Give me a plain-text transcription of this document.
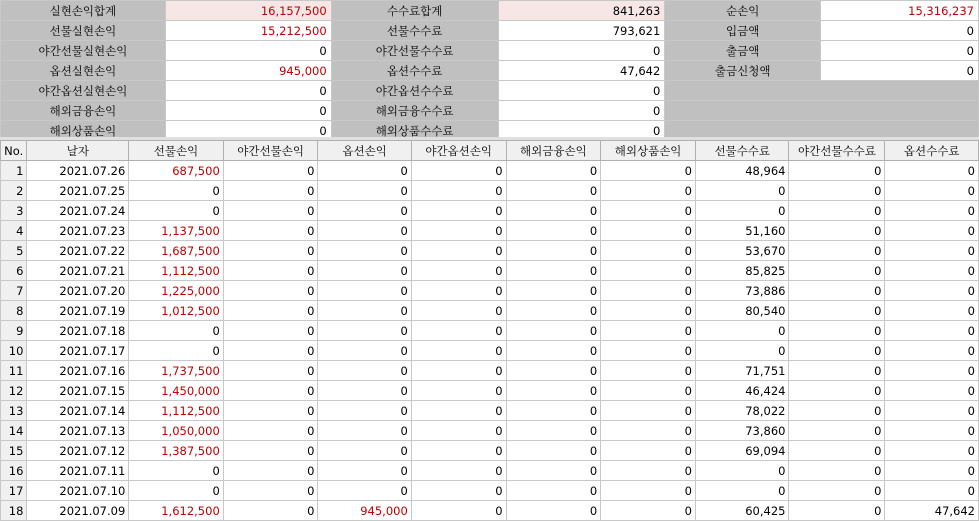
실현손익합계	16,157,500	수수료합계	841,263	순손익	15,316,237
선물실현손익	15,212,500	선물수수료	793,621	입금액	0
야간선물실현손익	0	야간선물수수료	0	출금액	0
옵션실현손익	945,000	옵션수수료	47,642	출금신청액	0
야간옵션실현손익	0	야간옵션수수료	0		
해외금융손익	0	해외금융수수료	0		
해외상품손익	0	해외상품수수료	0		
No.	날자	선물손익	야간선물손익	옵션손익	야간옵션손익	해외금융손익	해외상품손익	선물수수료	야간선물수수료	옵션수수료
1	2021.07.26	687,500	0	0	0	0	0	48,964	0	0
2	2021.07.25	0	0	0	0	0	0	0	0	0
3	2021.07.24	0	0	0	0	0	0	0	0	0
4	2021.07.23	1,137,500	0	0	0	0	0	51,160	0	0
5	2021.07.22	1,687,500	0	0	0	0	0	53,670	0	0
6	2021.07.21	1,112,500	0	0	0	0	0	85,825	0	0
7	2021.07.20	1,225,000	0	0	0	0	0	73,886	0	0
8	2021.07.19	1,012,500	0	0	0	0	0	80,540	0	0
9	2021.07.18	0	0	0	0	0	0	0	0	0
10	2021.07.17	0	0	0	0	0	0	0	0	0
11	2021.07.16	1,737,500	0	0	0	0	0	71,751	0	0
12	2021.07.15	1,450,000	0	0	0	0	0	46,424	0	0
13	2021.07.14	1,112,500	0	0	0	0	0	78,022	0	0
14	2021.07.13	1,050,000	0	0	0	0	0	73,860	0	0
15	2021.07.12	1,387,500	0	0	0	0	0	69,094	0	0
16	2021.07.11	0	0	0	0	0	0	0	0	0
17	2021.07.10	0	0	0	0	0	0	0	0	0
18	2021.07.09	1,612,500	0	945,000	0	0	0	60,425	0	47,642
